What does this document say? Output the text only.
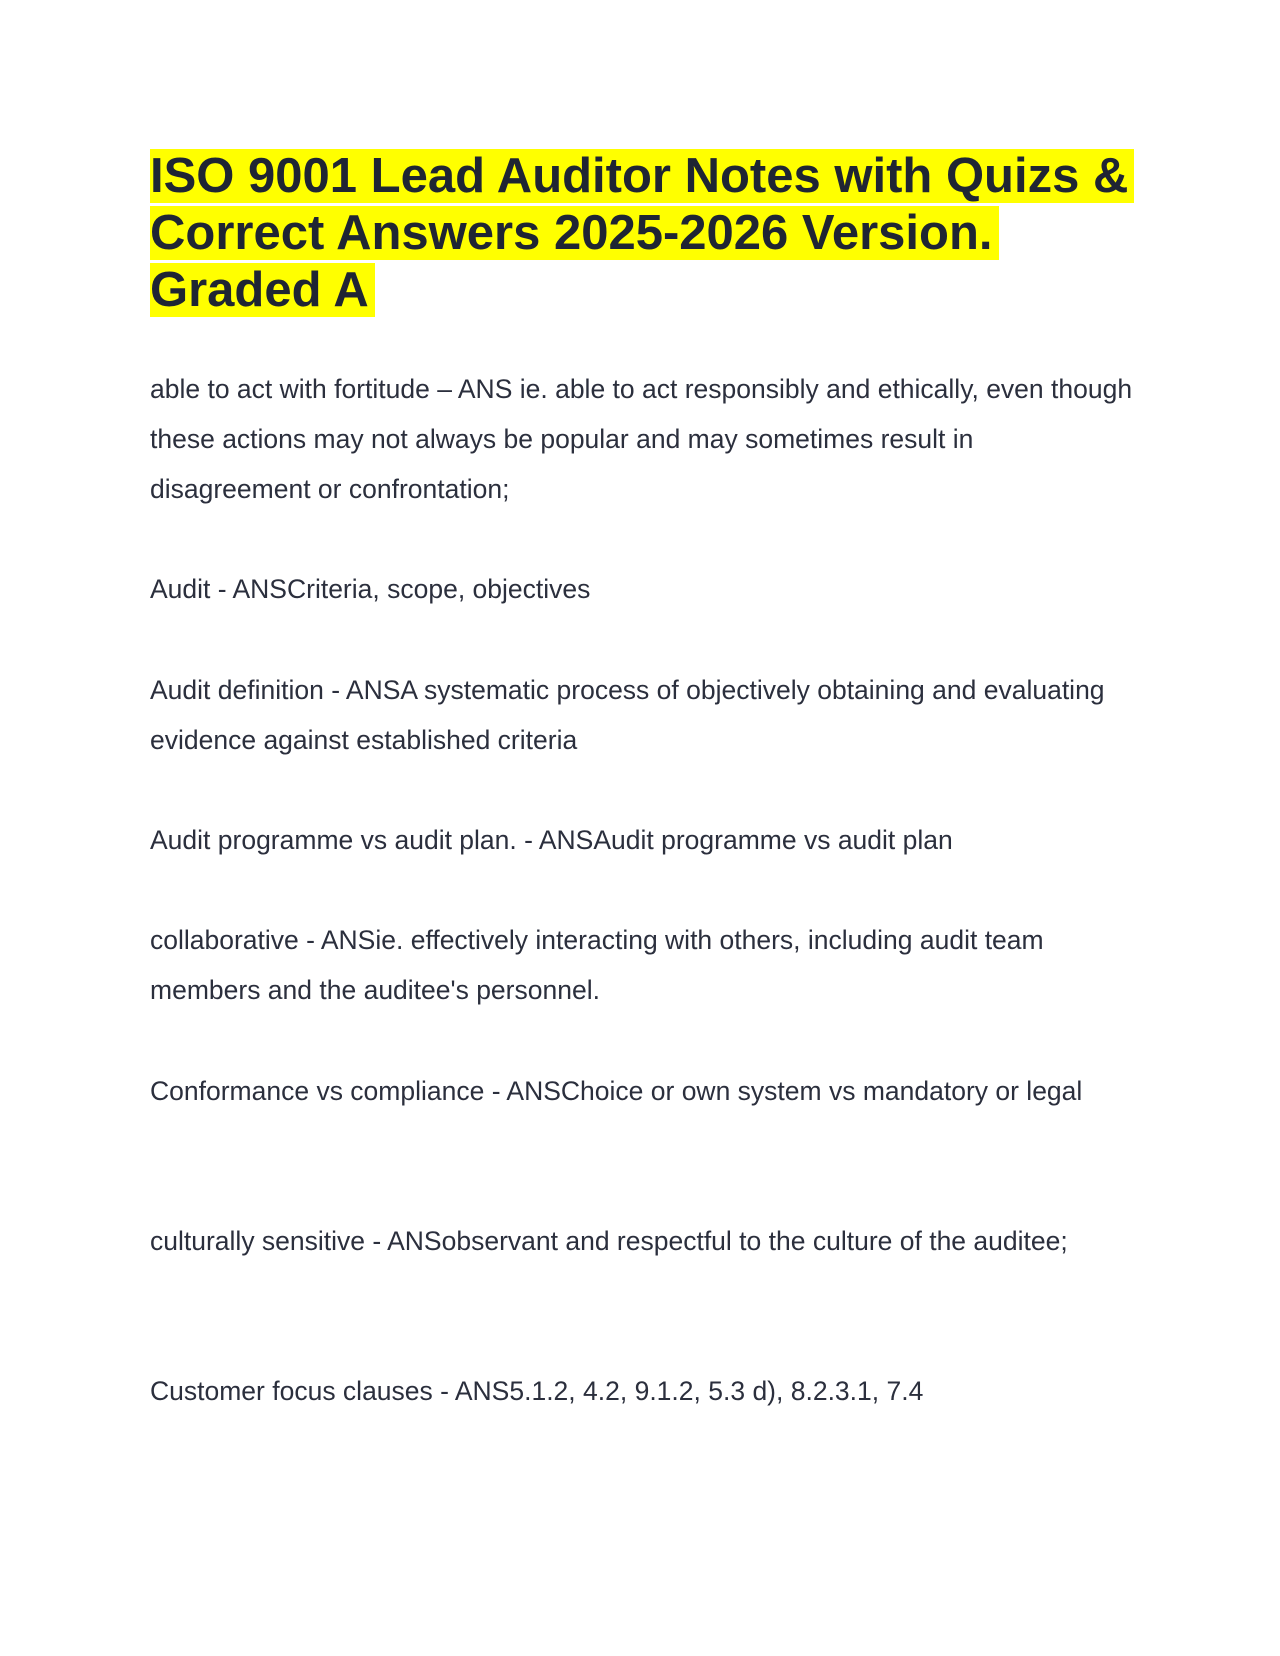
ISO 9001 Lead Auditor Notes with Quizs & Correct Answers 2025-2026 Version. Graded A

able to act with fortitude – ANS ie. able to act responsibly and ethically, even though these actions may not always be popular and may sometimes result in disagreement or confrontation;

Audit - ANSCriteria, scope, objectives

Audit definition - ANSA systematic process of objectively obtaining and evaluating evidence against established criteria

Audit programme vs audit plan. - ANSAudit programme vs audit plan

collaborative - ANSie. effectively interacting with others, including audit team members and the auditee's personnel.

Conformance vs compliance - ANSChoice or own system vs mandatory or legal

culturally sensitive - ANSobservant and respectful to the culture of the auditee;

Customer focus clauses - ANS5.1.2, 4.2, 9.1.2, 5.3 d), 8.2.3.1, 7.4
